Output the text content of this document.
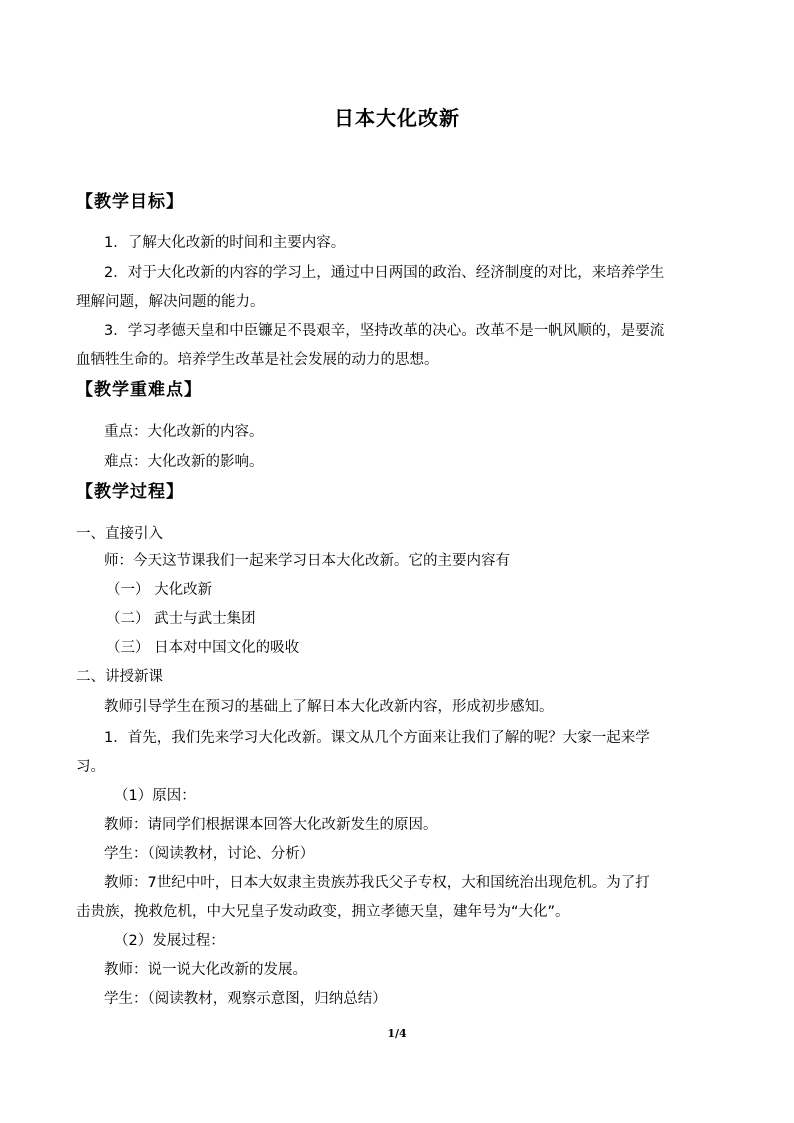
日本大化改新
【教学目标】
1．了解大化改新的时间和主要内容。
2．对于大化改新的内容的学习上，通过中日两国的政治、经济制度的对比，来培养学生
理解问题，解决问题的能力。
3．学习孝德天皇和中臣镰足不畏艰辛，坚持改革的决心。改革不是一帆风顺的，是要流
血牺牲生命的。培养学生改革是社会发展的动力的思想。
【教学重难点】
重点：大化改新的内容。
难点：大化改新的影响。
【教学过程】
一、直接引入
师：今天这节课我们一起来学习日本大化改新。它的主要内容有
（一） 大化改新
（二） 武士与武士集团
（三） 日本对中国文化的吸收
二、讲授新课
教师引导学生在预习的基础上了解日本大化改新内容，形成初步感知。
1．首先，我们先来学习大化改新。课文从几个方面来让我们了解的呢？大家一起来学
习。
（1）原因：
教师：请同学们根据课本回答大化改新发生的原因。
学生：（阅读教材，讨论、分析）
教师：7世纪中叶，日本大奴隶主贵族苏我氏父子专权，大和国统治出现危机。为了打
击贵族，挽救危机，中大兄皇子发动政变，拥立孝德天皇，建年号为“大化”。
（2）发展过程：
教师：说一说大化改新的发展。
学生：（阅读教材，观察示意图，归纳总结）
1/4
